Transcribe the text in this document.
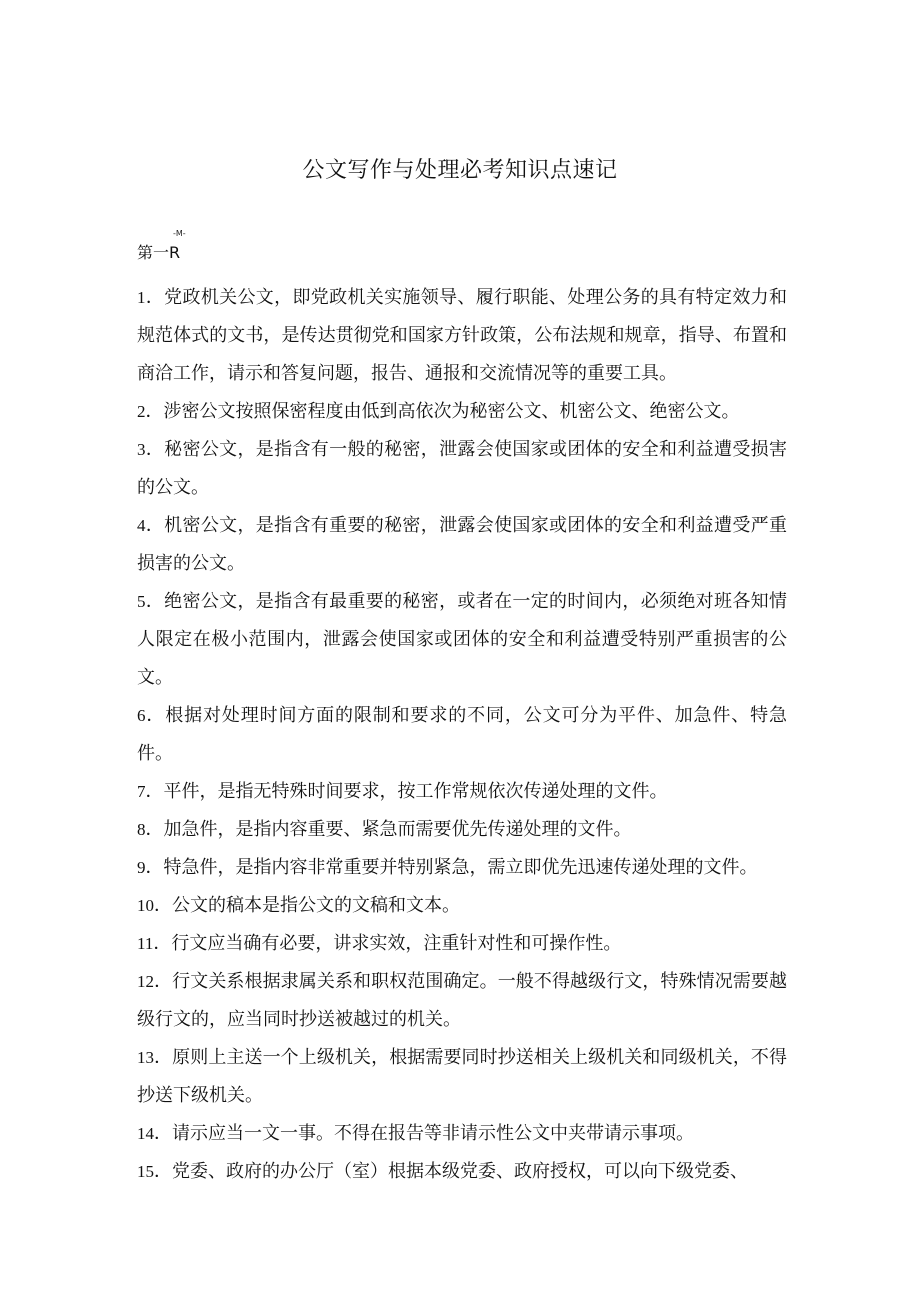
公文写作与处理必考知识点速记
-M-
第一R

1．党政机关公文，即党政机关实施领导、履行职能、处理公务的具有特定效力和规范体式的文书，是传达贯彻党和国家方针政策，公布法规和规章，指导、布置和商洽工作，请示和答复问题，报告、通报和交流情况等的重要工具。

2．涉密公文按照保密程度由低到高依次为秘密公文、机密公文、绝密公文。

3．秘密公文，是指含有一般的秘密，泄露会使国家或团体的安全和利益遭受损害的公文。

4．机密公文，是指含有重要的秘密，泄露会使国家或团体的安全和利益遭受严重损害的公文。

5．绝密公文，是指含有最重要的秘密，或者在一定的时间内，必须绝对班各知情人限定在极小范围内，泄露会使国家或团体的安全和利益遭受特别严重损害的公文。

6．根据对处理时间方面的限制和要求的不同，公文可分为平件、加急件、特急件。

7．平件，是指无特殊时间要求，按工作常规依次传递处理的文件。

8．加急件，是指内容重要、紧急而需要优先传递处理的文件。

9．特急件，是指内容非常重要并特别紧急，需立即优先迅速传递处理的文件。

10．公文的稿本是指公文的文稿和文本。

11．行文应当确有必要，讲求实效，注重针对性和可操作性。

12．行文关系根据隶属关系和职权范围确定。一般不得越级行文，特殊情况需要越级行文的，应当同时抄送被越过的机关。

13．原则上主送一个上级机关，根据需要同时抄送相关上级机关和同级机关，不得抄送下级机关。

14．请示应当一文一事。不得在报告等非请示性公文中夹带请示事项。

15．党委、政府的办公厅（室）根据本级党委、政府授权，可以向下级党委、
